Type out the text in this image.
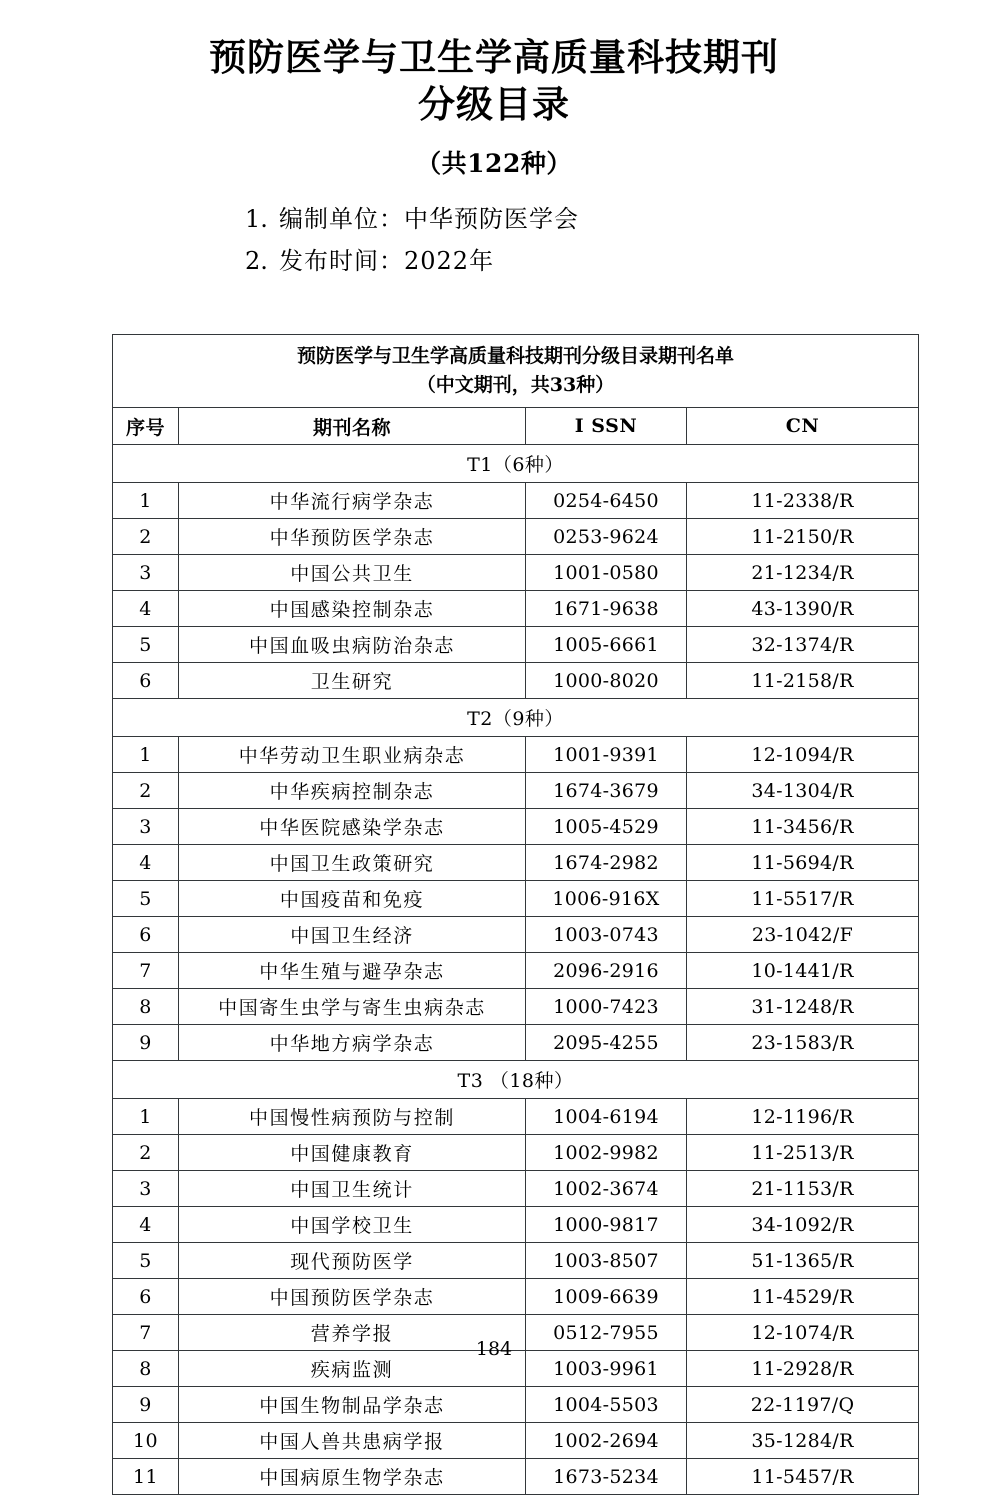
预防医学与卫生学高质量科技期刊
分级目录
（共122种）
1. 编制单位：中华预防医学会
2. 发布时间：2022年
预防医学与卫生学高质量科技期刊分级目录期刊名单
（中文期刊，共33种）			

序号	期刊名称	I SSN	CN
T1（6种）			
1	中华流行病学杂志	0254-6450	11-2338/R
2	中华预防医学杂志	0253-9624	11-2150/R
3	中国公共卫生	1001-0580	21-1234/R
4	中国感染控制杂志	1671-9638	43-1390/R
5	中国血吸虫病防治杂志	1005-6661	32-1374/R
6	卫生研究	1000-8020	11-2158/R
T2（9种）			
1	中华劳动卫生职业病杂志	1001-9391	12-1094/R
2	中华疾病控制杂志	1674-3679	34-1304/R
3	中华医院感染学杂志	1005-4529	11-3456/R
4	中国卫生政策研究	1674-2982	11-5694/R
5	中国疫苗和免疫	1006-916X	11-5517/R
6	中国卫生经济	1003-0743	23-1042/F
7	中华生殖与避孕杂志	2096-2916	10-1441/R
8	中国寄生虫学与寄生虫病杂志	1000-7423	31-1248/R
9	中华地方病学杂志	2095-4255	23-1583/R
T3 （18种）			
1	中国慢性病预防与控制	1004-6194	12-1196/R
2	中国健康教育	1002-9982	11-2513/R
3	中国卫生统计	1002-3674	21-1153/R
4	中国学校卫生	1000-9817	34-1092/R
5	现代预防医学	1003-8507	51-1365/R
6	中国预防医学杂志	1009-6639	11-4529/R
7	营养学报	0512-7955	12-1074/R
8	疾病监测	1003-9961	11-2928/R
9	中国生物制品学杂志	1004-5503	22-1197/Q
10	中国人兽共患病学报	1002-2694	35-1284/R
11	中国病原生物学杂志	1673-5234	11-5457/R
184
